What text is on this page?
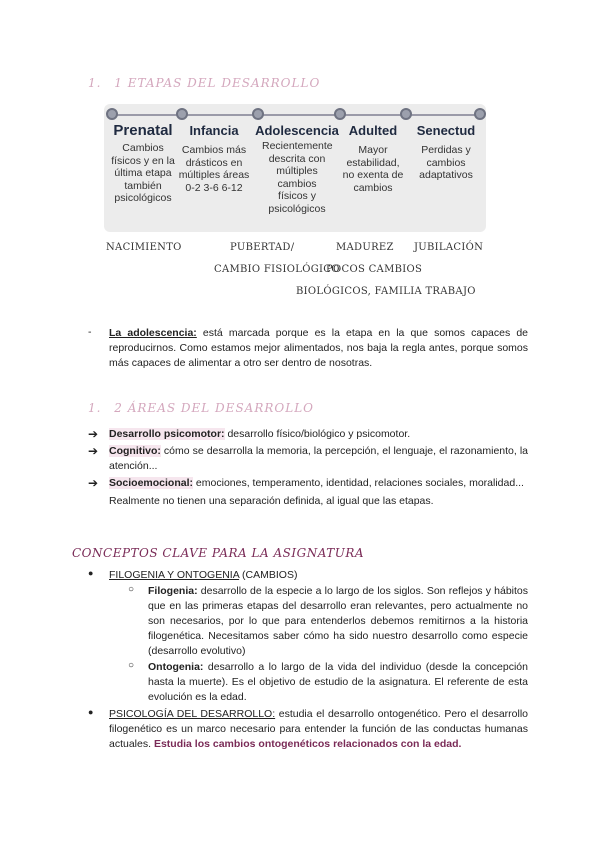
1. 1 ETAPAS DEL DESARROLLO
Prenatal
Cambios físicos y en la última etapa también psicológicos
Infancia
Cambios más drásticos en múltiples áreas 0-2 3-6 6-12
Adolescencia
Recientemente descrita con múltiples cambios físicos y psicológicos
Adulted
Mayor estabilidad, no exenta de cambios
Senectud
Perdidas y cambios adaptativos
NACIMIENTO	PUBERTAD/
CAMBIO FISIOLÓGICO
MADUREZ
POCOS CAMBIOS
JUBILACIÓN
BIOLÓGICOS, FAMILIA TRABAJO
- La adolescencia: está marcada porque es la etapa en la que somos capaces de reproducirnos. Como estamos mejor alimentados, nos baja la regla antes, porque somos más capaces de alimentar a otro ser dentro de nosotras.

1. 2 ÁREAS DEL DESARROLLO
➔ Desarrollo psicomotor: desarrollo físico/biológico y psicomotor.

➔ Cognitivo: cómo se desarrolla la memoria, la percepción, el lenguaje, el razonamiento, la atención...

➔ Socioemocional: emociones, temperamento, identidad, relaciones sociales, moralidad...

Realmente no tienen una separación definida, al igual que las etapas.

CONCEPTOS CLAVE PARA LA ASIGNATURA
● FILOGENIA Y ONTOGENIA (CAMBIOS)

○ Filogenia: desarrollo de la especie a lo largo de los siglos. Son reflejos y hábitos que en las primeras etapas del desarrollo eran relevantes, pero actualmente no son necesarios, por lo que para entenderlos debemos remitirnos a la historia filogenética. Necesitamos saber cómo ha sido nuestro desarrollo como especie (desarrollo evolutivo)

○ Ontogenia: desarrollo a lo largo de la vida del individuo (desde la concepción hasta la muerte). Es el objetivo de estudio de la asignatura. El referente de esta evolución es la edad.

● PSICOLOGÍA DEL DESARROLLO: estudia el desarrollo ontogenético. Pero el desarrollo filogenético es un marco necesario para entender la función de las conductas humanas actuales. Estudia los cambios ontogenéticos relacionados con la edad.
